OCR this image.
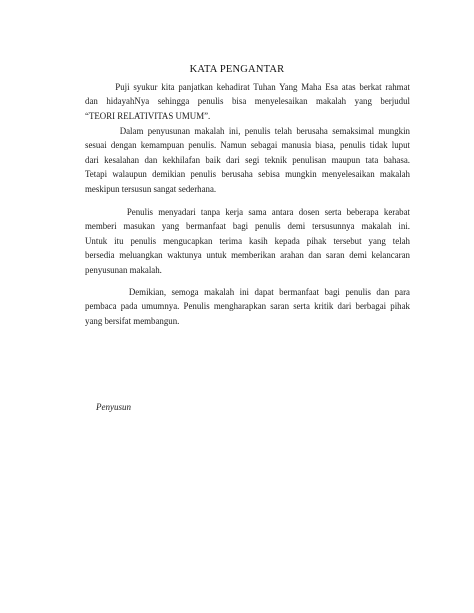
KATA PENGANTAR
Puji syukur kita panjatkan kehadirat Tuhan Yang Maha Esa atas berkat rahmat
dan hidayahNya sehingga penulis bisa menyelesaikan makalah yang berjudul
“TEORI RELATIVITAS UMUM”.
Dalam penyusunan makalah ini, penulis telah berusaha semaksimal mungkin
sesuai dengan kemampuan penulis. Namun sebagai manusia biasa, penulis tidak luput
dari kesalahan dan kekhilafan baik dari segi teknik penulisan maupun tata bahasa.
Tetapi walaupun demikian penulis berusaha sebisa mungkin menyelesaikan makalah
meskipun tersusun sangat sederhana.
Penulis menyadari tanpa kerja sama antara dosen serta beberapa kerabat
memberi masukan yang bermanfaat bagi penulis demi tersusunnya makalah ini.
Untuk itu penulis mengucapkan terima kasih kepada pihak tersebut yang telah
bersedia meluangkan waktunya untuk memberikan arahan dan saran demi kelancaran
penyusunan makalah.
Demikian, semoga makalah ini dapat bermanfaat bagi penulis dan para
pembaca pada umumnya. Penulis mengharapkan saran serta kritik dari berbagai pihak
yang bersifat membangun.
Penyusun
